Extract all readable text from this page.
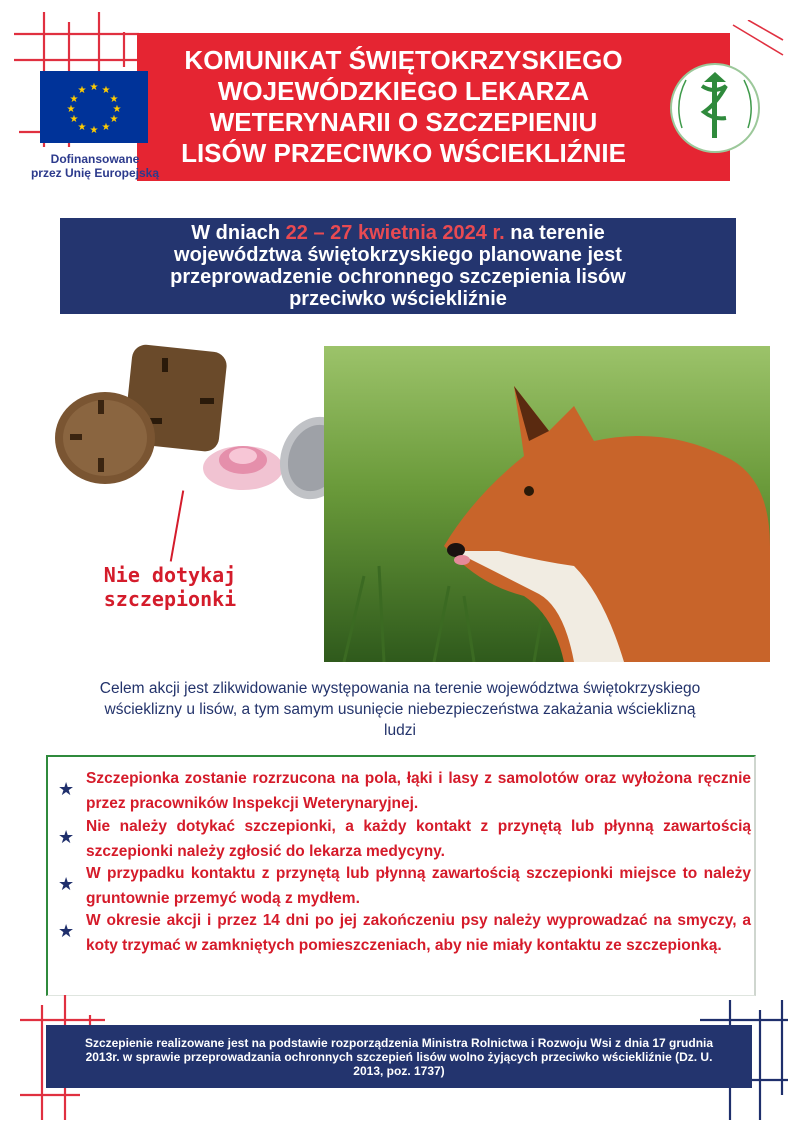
KOMUNIKAT ŚWIĘTOKRZYSKIEGO
WOJEWÓDZKIEGO LEKARZA
WETERYNARII O SZCZEPIENIU
LISÓW PRZECIWKO WŚCIEKLIŹNIE
★ ★
★
★
★
★
★
★
★
★
★
★
Dofinansowane
przez Unię Europejską
W dniach 22 – 27 kwietnia 2024 r. na terenie
województwa świętokrzyskiego planowane jest
przeprowadzenie ochronnego szczepienia lisów
przeciwko wściekliźnie
Nie dotykaj
szczepionki
Celem akcji jest zlikwidowanie występowania na terenie województwa świętokrzyskiego wścieklizny u lisów, a tym samym usunięcie niebezpieczeństwa zakażania wścieklizną ludzi
★
Szczepionka zostanie rozrzucona na pola, łąki i lasy z samolotów oraz wyłożona ręcznie przez pracowników Inspekcji Weterynaryjnej.
★
Nie należy dotykać szczepionki, a każdy kontakt z przynętą lub płynną zawartością szczepionki należy zgłosić do lekarza medycyny.
★
W przypadku kontaktu z przynętą lub płynną zawartością szczepionki miejsce to należy gruntownie przemyć wodą z mydłem.
★
W okresie akcji i przez 14 dni po jej zakończeniu psy należy wyprowadzać na smyczy, a koty trzymać w zamkniętych pomieszczeniach, aby nie miały kontaktu ze szczepionką.
Szczepienie realizowane jest na podstawie rozporządzenia Ministra Rolnictwa i Rozwoju Wsi z dnia 17 grudnia 2013r. w sprawie przeprowadzania ochronnych szczepień lisów wolno żyjących przeciwko wściekliźnie (Dz. U. 2013, poz. 1737)
